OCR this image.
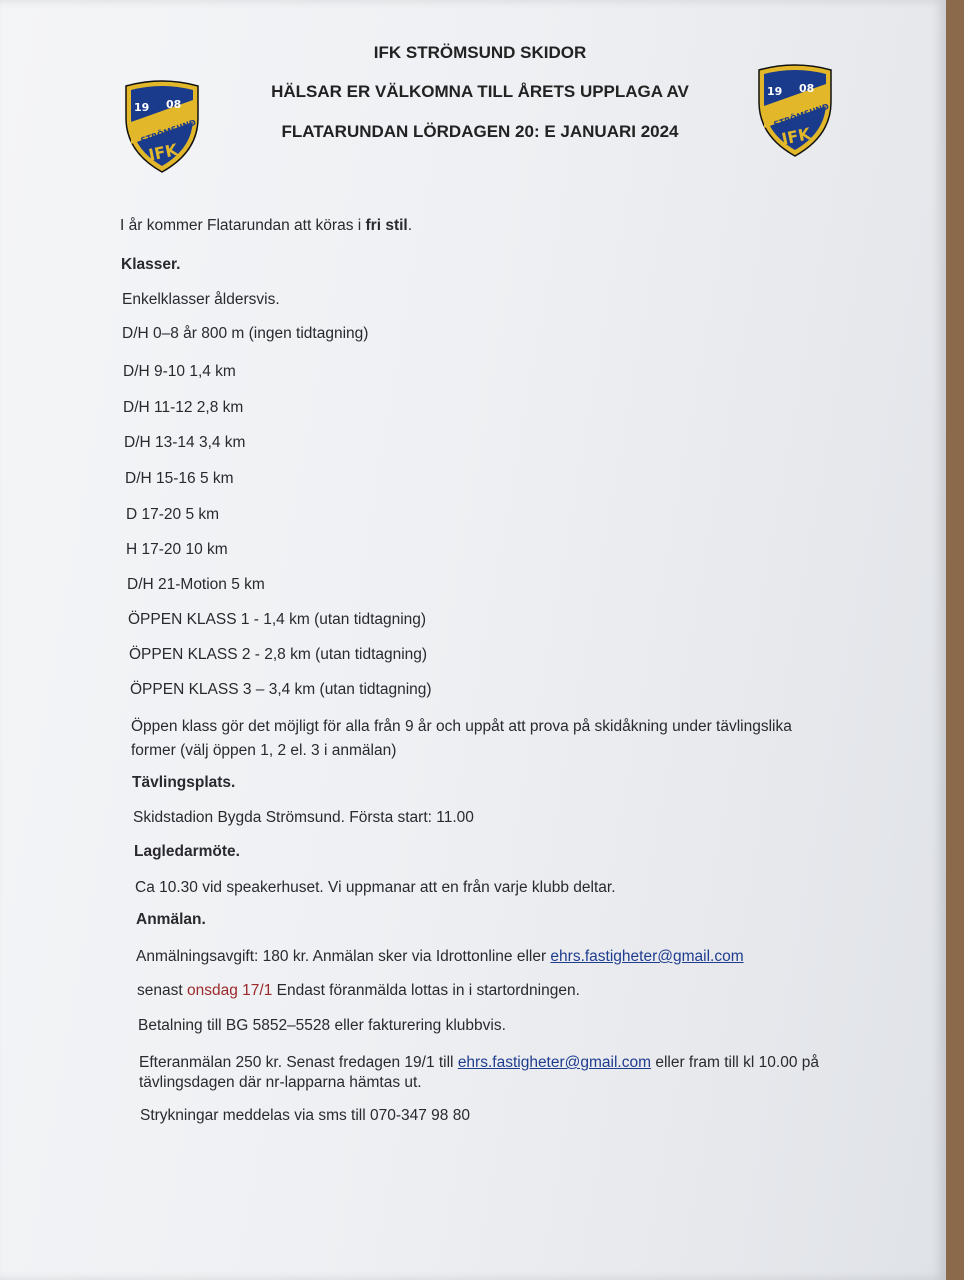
19 08
STRÖMSUND
IFK
19 08
STRÖMSUND
IFK
IFK STRÖMSUND SKIDOR
HÄLSAR ER VÄLKOMNA TILL ÅRETS UPPLAGA AV
FLATARUNDAN LÖRDAGEN 20: E JANUARI 2024
I år kommer Flatarundan att köras i fri stil.
Klasser.
Enkelklasser åldersvis.
D/H 0–8 år 800 m (ingen tidtagning)
D/H 9-10 1,4 km
D/H 11-12 2,8 km
D/H 13-14 3,4 km
D/H 15-16 5 km
D 17-20 5 km
H 17-20 10 km
D/H 21-Motion 5 km
ÖPPEN KLASS 1 - 1,4 km (utan tidtagning)
ÖPPEN KLASS 2 - 2,8 km (utan tidtagning)
ÖPPEN KLASS 3 – 3,4 km (utan tidtagning)
Öppen klass gör det möjligt för alla från 9 år och uppåt att prova på skidåkning under tävlingslika former (välj öppen 1, 2 el. 3 i anmälan)
Tävlingsplats.
Skidstadion Bygda Strömsund. Första start: 11.00
Lagledarmöte.
Ca 10.30 vid speakerhuset. Vi uppmanar att en från varje klubb deltar.
Anmälan.
Anmälningsavgift: 180 kr. Anmälan sker via Idrottonline eller ehrs.fastigheter@gmail.com
senast onsdag 17/1 Endast föranmälda lottas in i startordningen.
Betalning till BG 5852–5528 eller fakturering klubbvis.
Efteranmälan 250 kr. Senast fredagen 19/1 till ehrs.fastigheter@gmail.com eller fram till kl 10.00 på tävlingsdagen där nr-lapparna hämtas ut.
Strykningar meddelas via sms till 070-347 98 80
